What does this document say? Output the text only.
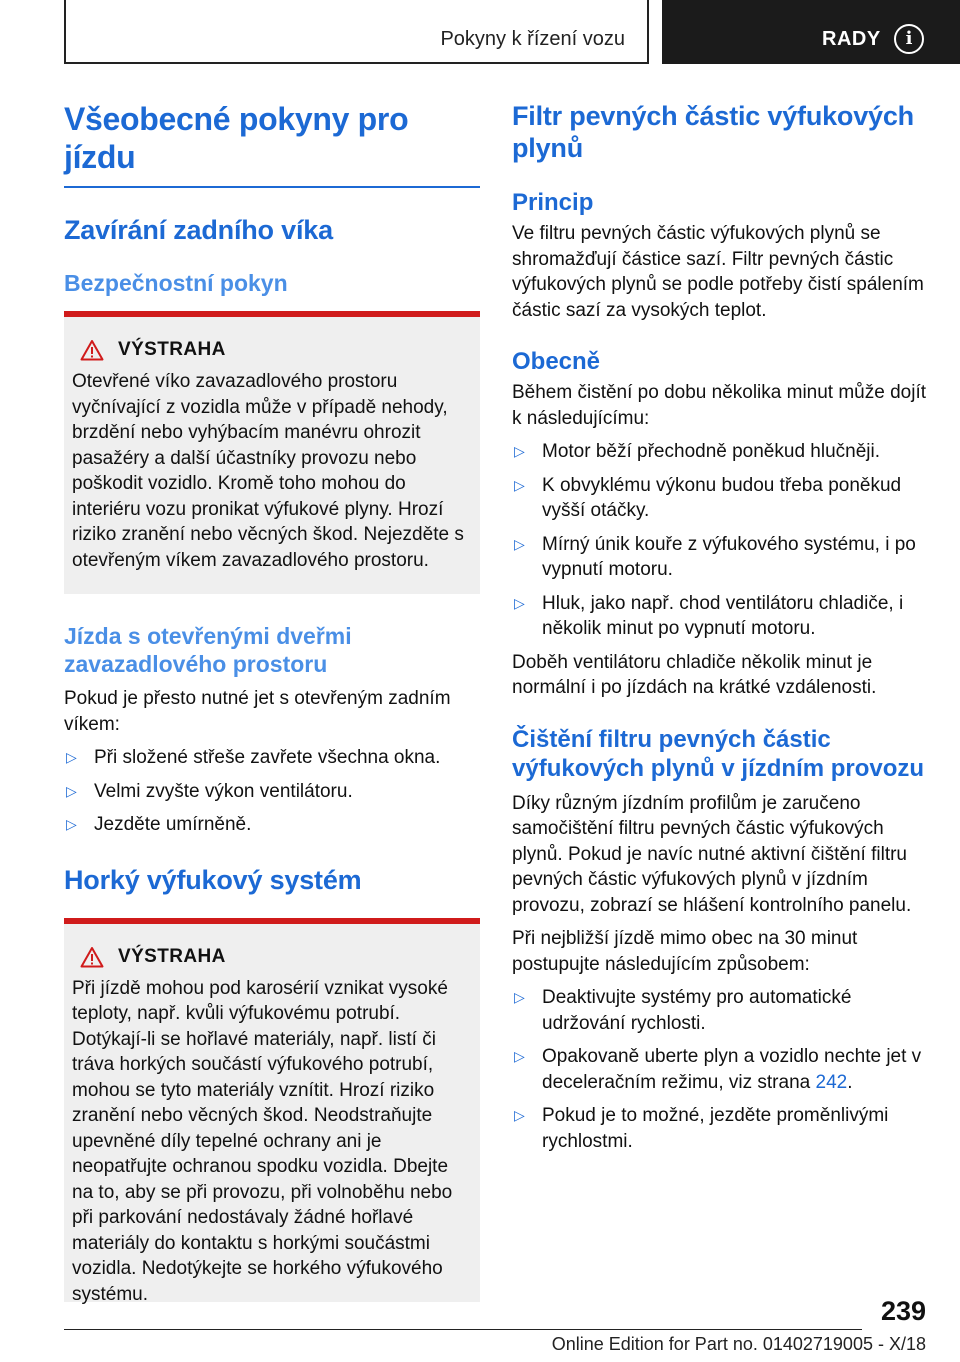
Pokyny k řízení vozu	RADY	i
Všeobecné pokyny pro jízdu
Zavírání zadního víka
Bezpečnostní pokyn
VÝSTRAHA

Otevřené víko zavazadlového prostoru vyčnívající z vozidla může v případě nehody, brzdění nebo vyhýbacím manévru ohrozit pasažéry a další účastníky provozu nebo poškodit vozidlo. Kromě toho mohou do interiéru vozu pronikat výfukové plyny. Hrozí riziko zranění nebo věcných škod. Nejezděte s otevřeným víkem zavazadlového prostoru.

Jízda s otevřenými dveřmi zavazadlového prostoru

Pokud je přesto nutné jet s otevřeným zadním víkem:

▷ Při složené střeše zavřete všechna okna.
▷ Velmi zvyšte výkon ventilátoru.
▷ Jezděte umírněně.
Horký výfukový systém
VÝSTRAHA

Při jízdě mohou pod karosérií vznikat vysoké teploty, např. kvůli výfukovému potrubí. Dotýkají-li se hořlavé materiály, např. listí či tráva horkých součástí výfukového potrubí, mohou se tyto materiály vznítit. Hrozí riziko zranění nebo věcných škod. Neodstraňujte upevněné díly tepelné ochrany ani je neopatřujte ochranou spodku vozidla. Dbejte na to, aby se při provozu, při volnoběhu nebo při parkování nedostávaly žádné hořlavé materiály do kontaktu s horkými součástmi vozidla. Nedotýkejte se horkého výfukového systému.

Filtr pevných částic výfukových plynů
Princip

Ve filtru pevných částic výfukových plynů se shromažďují částice sazí. Filtr pevných částic výfukových plynů se podle potřeby čistí spálením částic sazí za vysokých teplot.

Obecně

Během čistění po dobu několika minut může dojít k následujícímu:

▷ Motor běží přechodně poněkud hlučněji.
▷ K obvyklému výkonu budou třeba poněkud vyšší otáčky.
▷ Mírný únik kouře z výfukového systému, i po vypnutí motoru.
▷ Hluk, jako např. chod ventilátoru chladiče, i několik minut po vypnutí motoru.

Doběh ventilátoru chladiče několik minut je normální i po jízdách na krátké vzdálenosti.

Čištění filtru pevných částic výfukových plynů v jízdním provozu

Díky různým jízdním profilům je zaručeno samočištění filtru pevných částic výfukových plynů. Pokud je navíc nutné aktivní čištění filtru pevných částic výfukových plynů v jízdním provozu, zobrazí se hlášení kontrolního panelu.

Při nejbližší jízdě mimo obec na 30 minut postupujte následujícím způsobem:

▷ Deaktivujte systémy pro automatické udržování rychlosti.
▷ Opakovaně uberte plyn a vozidlo nechte jet v deceleračním režimu, viz strana 242.
▷ Pokud je to možné, jezděte proměnlivými rychlostmi.
239
Online Edition for Part no. 01402719005 - X/18
